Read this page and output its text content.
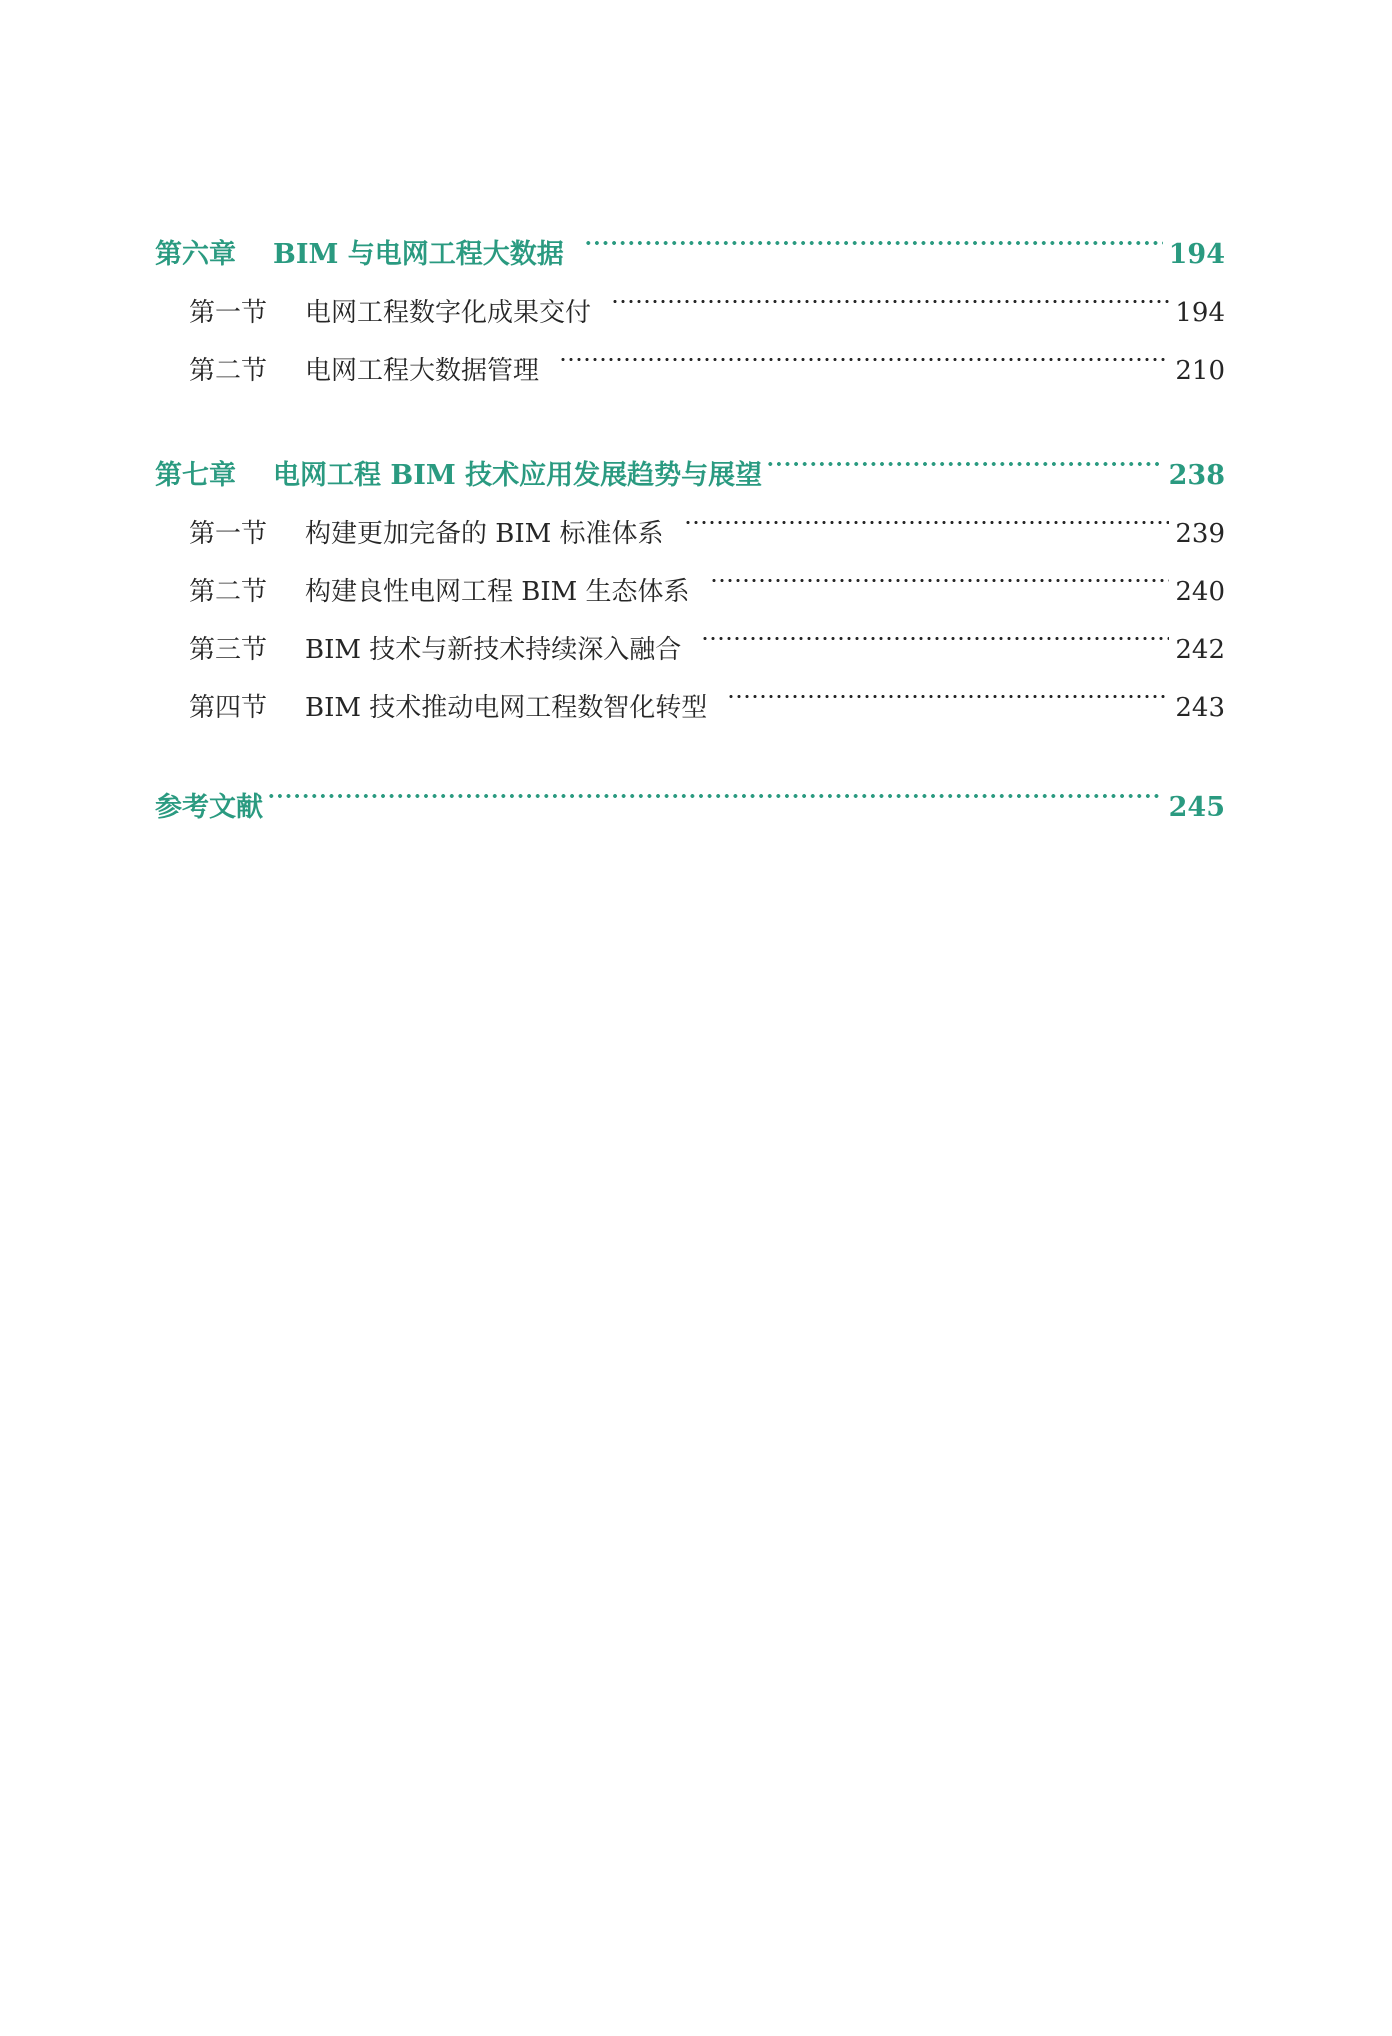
第六章 BIM 与电网工程大数据	194
第一节 电网工程数字化成果交付	194
第二节 电网工程大数据管理	210
第七章 电网工程 BIM 技术应用发展趋势与展望	238
第一节 构建更加完备的 BIM 标准体系	239
第二节 构建良性电网工程 BIM 生态体系	240
第三节 BIM 技术与新技术持续深入融合	242
第四节 BIM 技术推动电网工程数智化转型	243
参考文献	245
